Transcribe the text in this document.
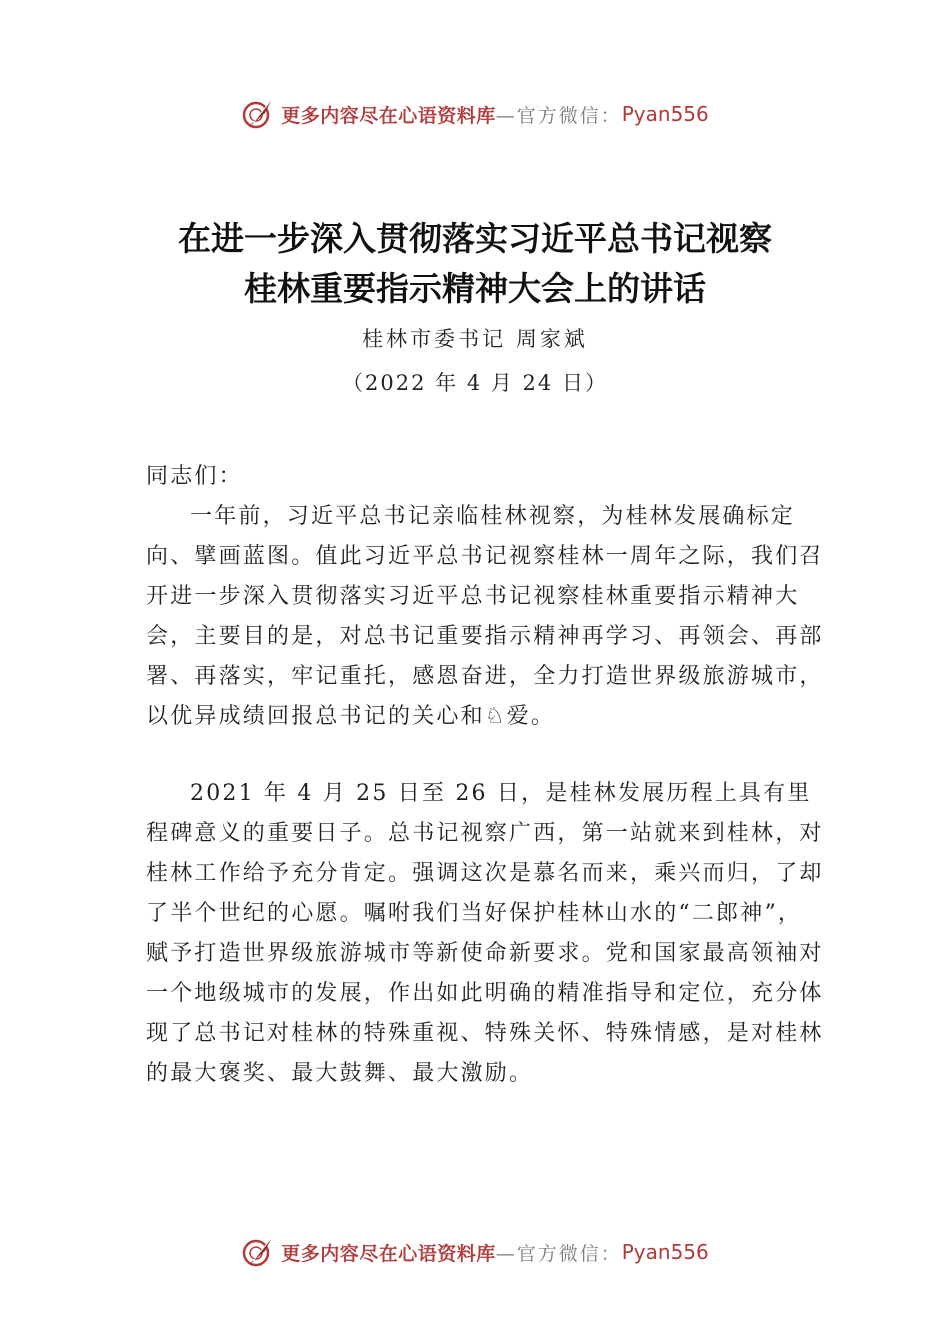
更多内容尽在心语资料库 —官方微信： Pyan556
在进一步深入贯彻落实习近平总书记视察
桂林重要指示精神大会上的讲话
桂林市委书记 周家斌
（2022 年 4 月 24 日）
同志们：

一年前，习近平总书记亲临桂林视察，为桂林发展确标定向、擘画蓝图。值此习近平总书记视察桂林一周年之际，我们召开进一步深入贯彻落实习近平总书记视察桂林重要指示精神大会，主要目的是，对总书记重要指示精神再学习、再领会、再部署、再落实，牢记重托，感恩奋进，全力打造世界级旅游城市，以优异成绩回报总书记的关心和♘爱。

2021 年 4 月 25 日至 26 日，是桂林发展历程上具有里程碑意义的重要日子。总书记视察广西，第一站就来到桂林，对桂林工作给予充分肯定。强调这次是慕名而来，乘兴而归，了却了半个世纪的心愿。嘱咐我们当好保护桂林山水的“二郎神”，赋予打造世界级旅游城市等新使命新要求。党和国家最高领袖对一个地级城市的发展，作出如此明确的精准指导和定位，充分体现了总书记对桂林的特殊重视、特殊关怀、特殊情感，是对桂林的最大褒奖、最大鼓舞、最大激励。

更多内容尽在心语资料库 —官方微信： Pyan556
